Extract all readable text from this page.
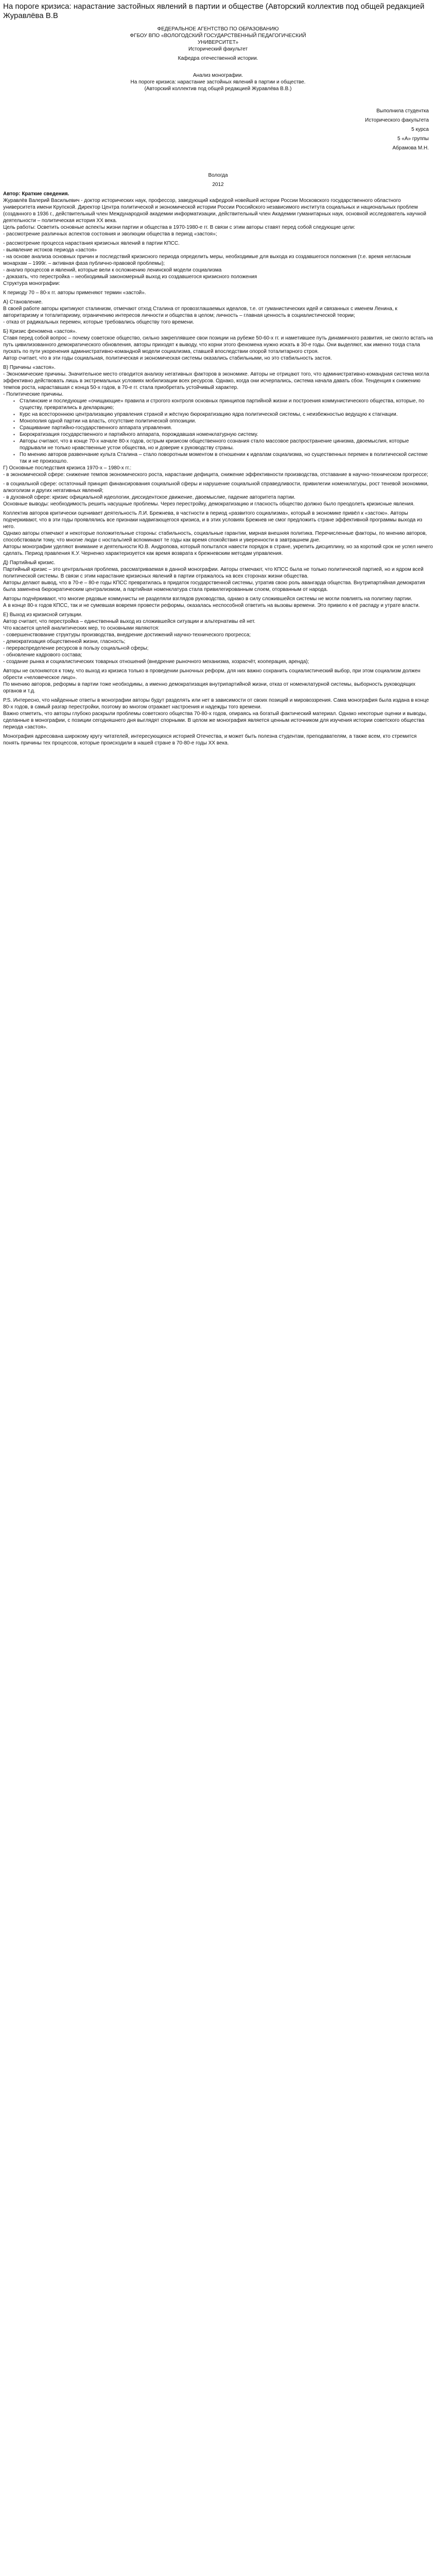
На пороге кризиса: нарастание застойных явлений в партии и обществе (Авторский коллектив под общей редакцией Журавлёва В.В

ФЕДЕРАЛЬНОЕ АГЕНТСТВО ПО ОБРАЗОВАНИЮ

ФГБОУ ВПО «ВОЛОГОДСКИЙ ГОСУДАРСТВЕННЫЙ ПЕДАГОГИЧЕСКИЙ

УНИВЕРСИТЕТ»

Исторический факультет

Кафедра отечественной истории.

Анализ монографии.

На пороге кризиса: нарастание застойных явлений в партии и обществе.

(Авторский коллектив под общей редакцией Журавлёва В.В.)

Выполнила студентка

Исторического факультета

5 курса

5 «А» группы

Абрамова М.Н.

Вологда

2012

Автор: Краткие сведения.

Журавлёв Валерий Васильевич - доктор исторических наук, профессор, заведующий кафедрой новейшей истории России Московского государственного областного университета имени Крупской. Директор Центра политической и экономической истории России Российского независимого института социальных и национальных проблем (созданного в 1936 г., действительный член Международной академии информатизации, действительный член Академии гуманитарных наук, основной исследователь научной деятельности – политическая история XX века.

Цель работы: Осветить основные аспекты жизни партии и общества в 1970-1980-е гг. В связи с этим авторы ставят перед собой следующие цели:

- рассмотрение различных аспектов состояния и эволюции общества в период «застоя»;

- рассмотрение процесса нарастания кризисных явлений в партии КПСС.

- выявление истоков периода «застоя»

- на основе анализа основных причин и последствий кризисного периода определить меры, необходимые для выхода из создавшегося положения (т.е. время негласным монархам – 1999г. – активная фаза публично-правовой проблемы);

- анализ процессов и явлений, которые вели к осложнению ленинской модели социализма

- доказать, что перестройка – необходимый закономерный выход из создавшегося кризисного положения

Структура монографии:

К периоду 70 – 80-х гг. авторы применяют термин «застой».

А) Становление.

В своей работе авторы критикуют сталинизм, отмечают отход Сталина от провозглашаемых идеалов, т.е. от гуманистических идей и связанных с именем Ленина, к авторитаризму и тоталитаризму, ограничению интересов личности и общества в целом; личность – главная ценность в социалистической теории;

- отказ от радикальных перемен, которые требовались обществу того времени.

Б) Кризис феномена «застоя».

Ставя перед собой вопрос – почему советское общество, сильно закреплявшее свои позиции на рубеже 50-60-х гг. и наметившее путь динамичного развития, не смогло встать на путь цивилизованного демократического обновления, авторы приходят к выводу, что корни этого феномена нужно искать в 30-е годы. Они выделяют, как именно тогда стала пускать по пути укоренения административно-командной модели социализма, ставшей впоследствии опорой тоталитарного строя.

Автор считает, что в эти годы социальная, политическая и экономическая системы оказались стабильными, но это стабильность застоя.

В) Причины «застоя».

- Экономические причины. Значительное место отводится анализу негативных факторов в экономике. Авторы не отрицают того, что административно-командная система могла эффективно действовать лишь в экстремальных условиях мобилизации всех ресурсов. Однако, когда они исчерпались, система начала давать сбои. Тенденция к снижению темпов роста, нараставшая с конца 50-х годов, в 70-е гг. стала приобретать устойчивый характер.

- Политические причины.

▪ Сталинские и последующие «очищающие» правила и строгого контроля основных принципов партийной жизни и построения коммунистического общества, которые, по существу, превратились в декларацию;
▪ Курс на всестороннюю централизацию управления страной и жёсткую бюрократизацию ядра политической системы, с неизбежностью ведущую к стагнации.
▪ Монополия одной партии на власть, отсутствие политической оппозиции.
▪ Сращивание партийно-государственного аппарата управления.
▪ Бюрократизация государственного и партийного аппарата, порождавшая номенклатурную систему.
▪ Авторы считают, что в конце 70-х начале 80-х годов, острым кризисом общественного сознания стало массовое распространение цинизма, двоемыслия, которые подрывали не только нравственные устои общества, но и доверие к руководству страны.
▪ По мнению авторов развенчание культа Сталина – стало поворотным моментом в отношении к идеалам социализма, но существенных перемен в политической системе так и не произошло.

Г) Основные последствия кризиса 1970-х – 1980-х гг.:

- в экономической сфере: снижение темпов экономического роста, нарастание дефицита, снижение эффективности производства, отставание в научно-техническом прогрессе;

- в социальной сфере: остаточный принцип финансирования социальной сферы и нарушение социальной справедливости, привилегии номенклатуры, рост теневой экономики, алкоголизм и других негативных явлений;

- в духовной сфере: кризис официальной идеологии, диссидентское движение, двоемыслие, падение авторитета партии.

Основные выводы: необходимость решить насущные проблемы. Через перестройку, демократизацию и гласность общество должно было преодолеть кризисные явления.

Коллектив авторов критически оценивает деятельность Л.И. Брежнева, в частности в период «развитого социализма», который в экономике привёл к «застою». Авторы подчеркивают, что в эти годы проявлялись все признаки надвигающегося кризиса, и в этих условиях Брежнев не смог предложить стране эффективной программы выхода из него.

Однако авторы отмечают и некоторые положительные стороны: стабильность, социальные гарантии, мирная внешняя политика. Перечисленные факторы, по мнению авторов, способствовали тому, что многие люди с ностальгией вспоминают те годы как время спокойствия и уверенности в завтрашнем дне.

Авторы монографии уделяют внимание и деятельности Ю.В. Андропова, который попытался навести порядок в стране, укрепить дисциплину, но за короткий срок не успел ничего сделать. Период правления К.У. Черненко характеризуется как время возврата к брежневским методам управления.

Д) Партийный кризис.

Партийный кризис – это центральная проблема, рассматриваемая в данной монографии. Авторы отмечают, что КПСС была не только политической партией, но и ядром всей политической системы. В связи с этим нарастание кризисных явлений в партии отражалось на всех сторонах жизни общества.

Авторы делают вывод, что в 70-е – 80-е годы КПСС превратилась в придаток государственной системы, утратив свою роль авангарда общества. Внутрипартийная демократия была заменена бюрократическим централизмом, а партийная номенклатура стала привилегированным слоем, оторванным от народа.

Авторы подчёркивают, что многие рядовые коммунисты не разделяли взглядов руководства, однако в силу сложившейся системы не могли повлиять на политику партии.

А в конце 80-х годов КПСС, так и не сумевшая вовремя провести реформы, оказалась неспособной ответить на вызовы времени. Это привело к её распаду и утрате власти.

Е) Выход из кризисной ситуации.

Автор считает, что перестройка – единственный выход из сложившейся ситуации и альтернативы ей нет.

Что касается целей аналитических мер, то основными являются:

- совершенствование структуры производства, внедрение достижений научно-технического прогресса;

- демократизация общественной жизни, гласность;

- перераспределение ресурсов в пользу социальной сферы;

- обновление кадрового состава;

- создание рынка и социалистических товарных отношений (внедрение рыночного механизма, хозрасчёт, кооперация, аренда);

Авторы не склоняются к тому, что выход из кризиса только в проведении рыночных реформ, для них важно сохранить социалистический выбор, при этом социализм должен обрести «человеческое лицо».

По мнению авторов, реформы в партии тоже необходимы, а именно демократизация внутрипартийной жизни, отказ от номенклатурной системы, выборность руководящих органов и т.д.

Р.S. Интересно, что найденные ответы в монографии авторы будут разделять или нет в зависимости от своих позиций и мировоззрения. Сама монография была издана в конце 80-х годов, в самый разгар перестройки, поэтому во многом отражает настроения и надежды того времени.

Важно отметить, что авторы глубоко раскрыли проблемы советского общества 70-80-х годов, опираясь на богатый фактический материал. Однако некоторые оценки и выводы, сделанные в монографии, с позиции сегодняшнего дня выглядят спорными. В целом же монография является ценным источником для изучения истории советского общества периода «застоя».

Монография адресована широкому кругу читателей, интересующихся историей Отечества, и может быть полезна студентам, преподавателям, а также всем, кто стремится понять причины тех процессов, которые происходили в нашей стране в 70-80-е годы XX века.
